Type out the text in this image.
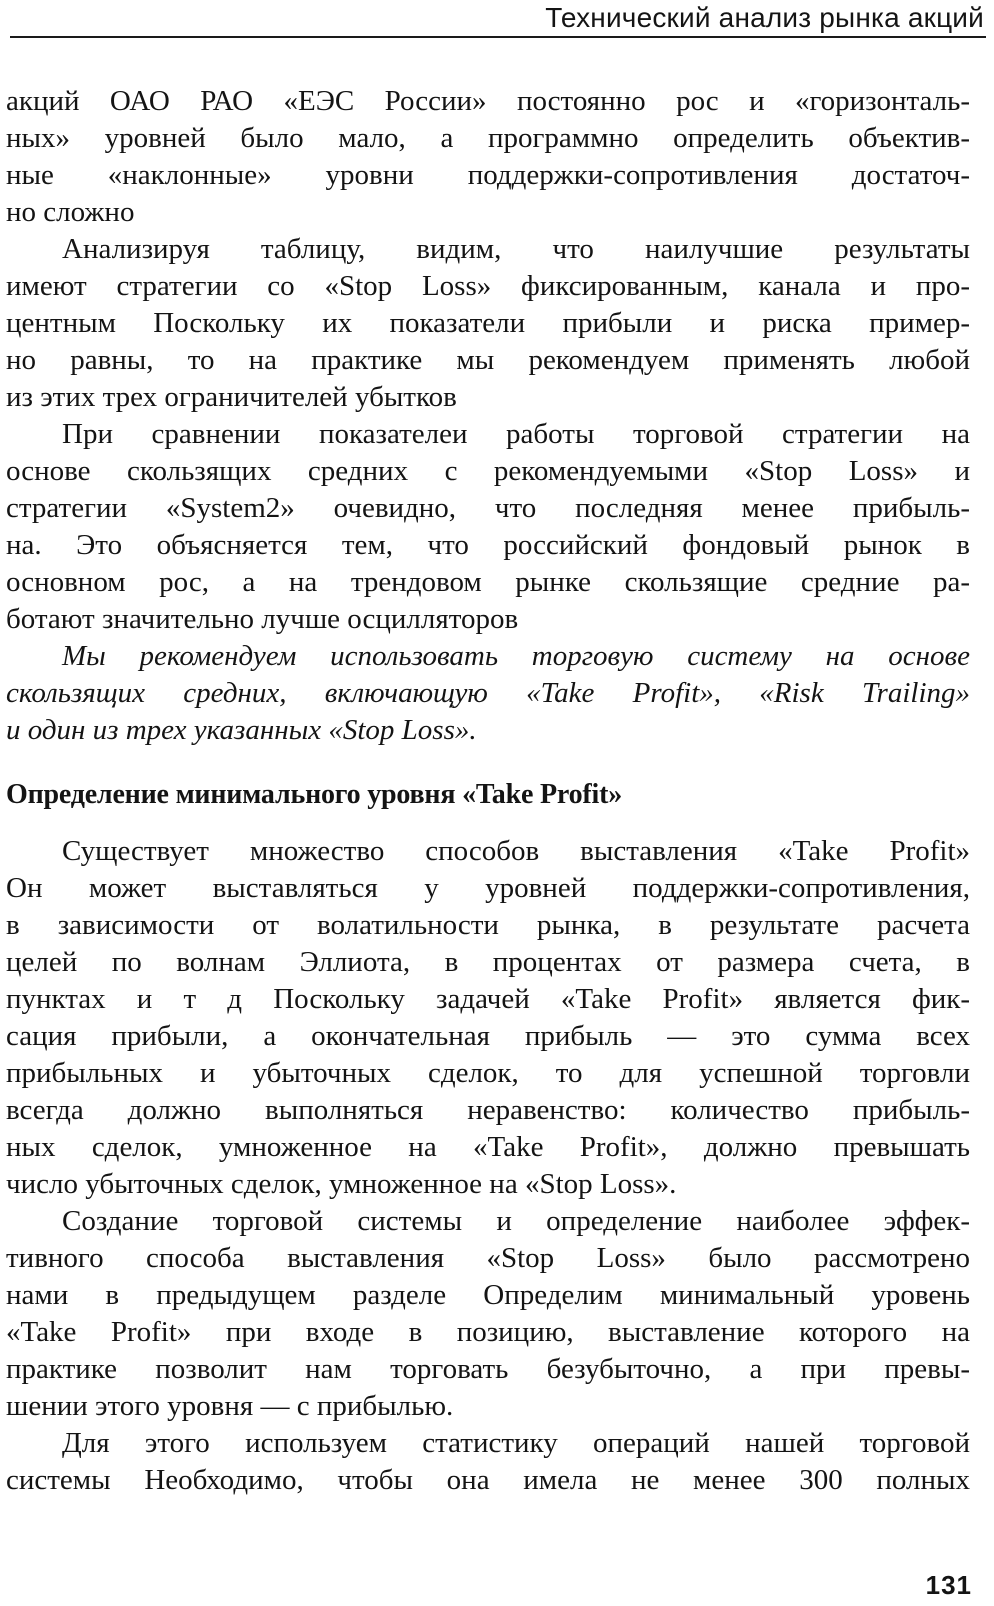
Технический анализ рынка акций
акций ОАО РАО «ЕЭС России» постоянно рос и «горизонталь-
ных» уровней было мало, а программно определить объектив-
ные «наклонные» уровни поддержки-сопротивления достаточ-
но сложно
Анализируя таблицу, видим, что наилучшие результаты
имеют стратегии со «Stop Loss» фиксированным, канала и про-
центным Поскольку их показатели прибыли и риска пример-
но равны, то на практике мы рекомендуем применять любой
из этих трех ограничителей убытков
При сравнении показателеи работы торговой стратегии на
основе скользящих средних с рекомендуемыми «Stop Loss» и
стратегии «System2» очевидно, что последняя менее прибыль-
на. Это объясняется тем, что российский фондовый рынок в
основном рос, а на трендовом рынке скользящие средние ра-
ботают значительно лучше осцилляторов
Мы рекомендуем использовать торговую систему на основе
скользящих средних, включающую «Take Profit», «Risk Trailing»
и один из трех указанных «Stop Loss».
Определение минимального уровня «Take Profit»
Существует множество способов выставления «Take Profit»
Он может выставляться у уровней поддержки-сопротивления,
в зависимости от волатильности рынка, в результате расчета
целей по волнам Эллиота, в процентах от размера счета, в
пунктах и т д Поскольку задачей «Take Profit» является фик-
сация прибыли, а окончательная прибыль — это сумма всех
прибыльных и убыточных сделок, то для успешной торговли
всегда должно выполняться неравенство: количество прибыль-
ных сделок, умноженное на «Take Profit», должно превышать
число убыточных сделок, умноженное на «Stop Loss».
Создание торговой системы и определение наиболее эффек-
тивного способа выставления «Stop Loss» было рассмотрено
нами в предыдущем разделе Определим минимальный уровень
«Take Profit» при входе в позицию, выставление которого на
практике позволит нам торговать безубыточно, а при превы-
шении этого уровня — с прибылью.
Для этого используем статистику операций нашей торговой
системы Необходимо, чтобы она имела не менее 300 полных
131
